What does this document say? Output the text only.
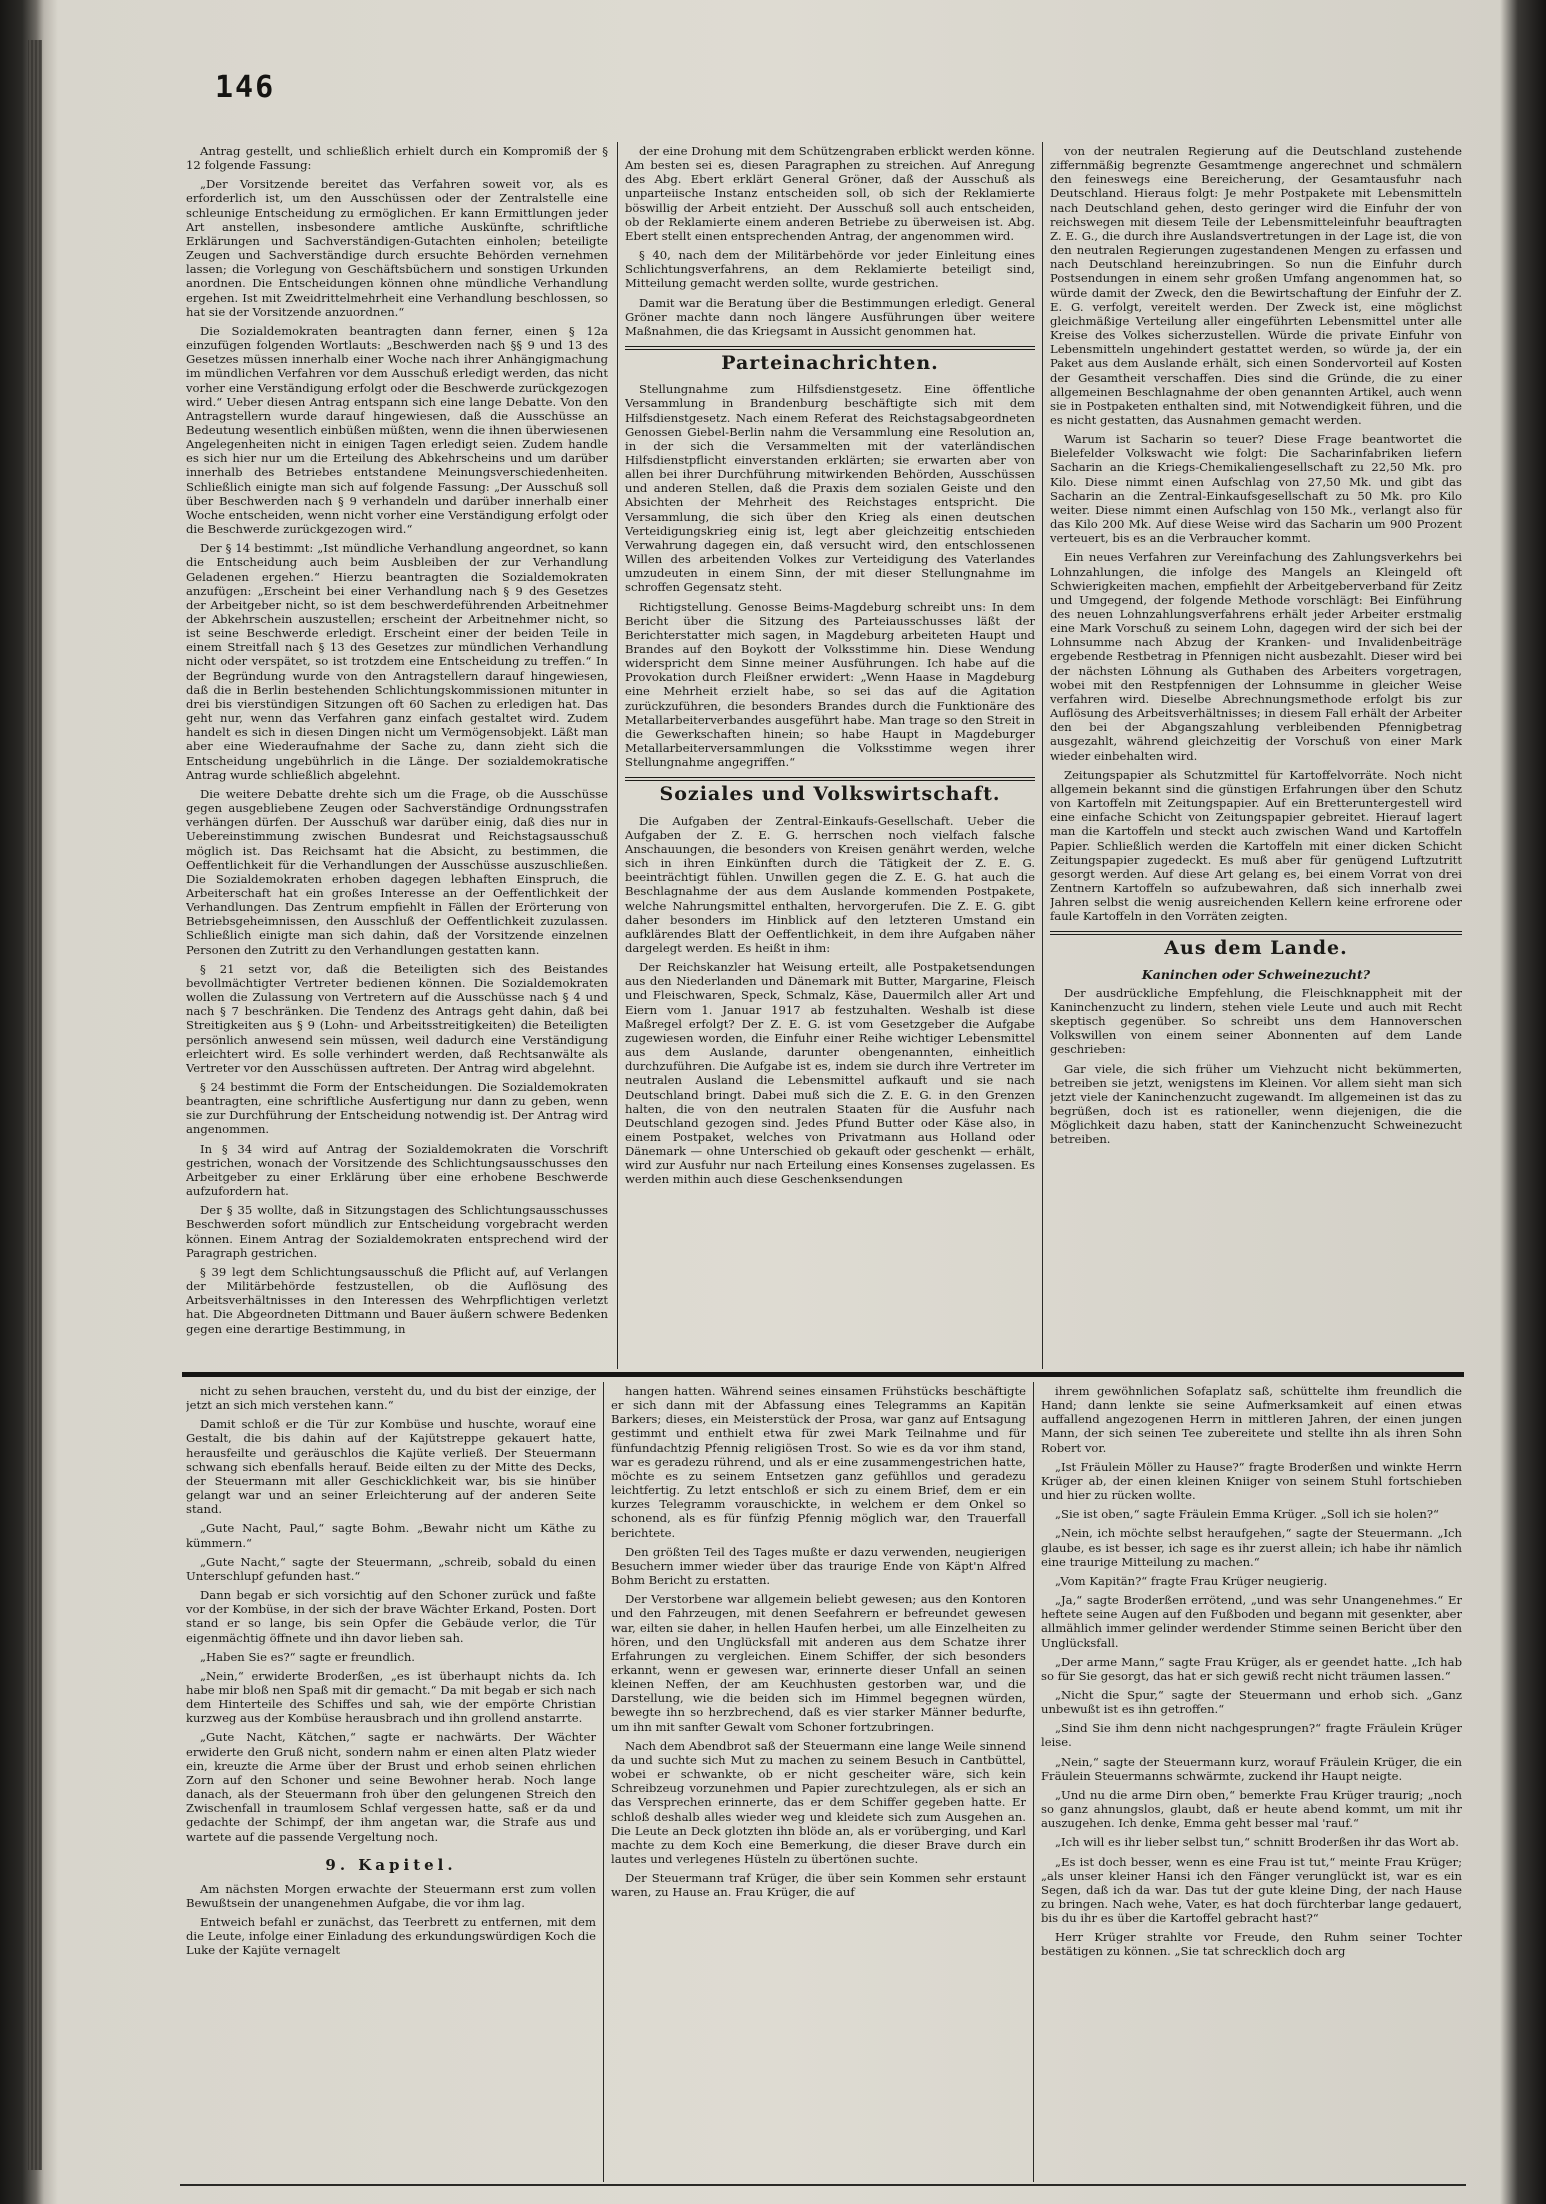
146

Antrag gestellt, und schließlich erhielt durch ein Kompromiß der § 12 folgende Fassung:

„Der Vorsitzende bereitet das Verfahren soweit vor, als es erforderlich ist, um den Ausschüssen oder der Zentralstelle eine schleunige Entscheidung zu ermöglichen. Er kann Ermittlungen jeder Art anstellen, insbesondere amtliche Auskünfte, schriftliche Erklärungen und Sachverständigen-Gutachten einholen; beteiligte Zeugen und Sachverständige durch ersuchte Behörden vernehmen lassen; die Vorlegung von Geschäftsbüchern und sonstigen Urkunden anordnen. Die Entscheidungen können ohne mündliche Verhandlung ergehen. Ist mit Zweidrittelmehrheit eine Verhandlung beschlossen, so hat sie der Vorsitzende anzuordnen.“

Die Sozialdemokraten beantragten dann ferner, einen § 12a einzufügen folgenden Wortlauts: „Beschwerden nach §§ 9 und 13 des Gesetzes müssen innerhalb einer Woche nach ihrer Anhängigmachung im mündlichen Verfahren vor dem Ausschuß erledigt werden, das nicht vorher eine Verständigung erfolgt oder die Beschwerde zurückgezogen wird.“ Ueber diesen Antrag entspann sich eine lange Debatte. Von den Antragstellern wurde darauf hingewiesen, daß die Ausschüsse an Bedeutung wesentlich einbüßen müßten, wenn die ihnen überwiesenen Angelegenheiten nicht in einigen Tagen erledigt seien. Zudem handle es sich hier nur um die Erteilung des Abkehrscheins und um darüber innerhalb des Betriebes entstandene Meinungsverschiedenheiten. Schließlich einigte man sich auf folgende Fassung: „Der Ausschuß soll über Beschwerden nach § 9 verhandeln und darüber innerhalb einer Woche entscheiden, wenn nicht vorher eine Verständigung erfolgt oder die Beschwerde zurückgezogen wird.“

Der § 14 bestimmt: „Ist mündliche Verhandlung angeordnet, so kann die Entscheidung auch beim Ausbleiben der zur Verhandlung Geladenen ergehen.“ Hierzu beantragten die Sozialdemokraten anzufügen: „Erscheint bei einer Verhandlung nach § 9 des Gesetzes der Arbeitgeber nicht, so ist dem beschwerdeführenden Arbeitnehmer der Abkehrschein auszustellen; erscheint der Arbeitnehmer nicht, so ist seine Beschwerde erledigt. Erscheint einer der beiden Teile in einem Streitfall nach § 13 des Gesetzes zur mündlichen Verhandlung nicht oder verspätet, so ist trotzdem eine Entscheidung zu treffen.“ In der Begründung wurde von den Antragstellern darauf hingewiesen, daß die in Berlin bestehenden Schlichtungskommissionen mitunter in drei bis vierstündigen Sitzungen oft 60 Sachen zu erledigen hat. Das geht nur, wenn das Verfahren ganz einfach gestaltet wird. Zudem handelt es sich in diesen Dingen nicht um Vermögensobjekt. Läßt man aber eine Wiederaufnahme der Sache zu, dann zieht sich die Entscheidung ungebührlich in die Länge. Der sozialdemokratische Antrag wurde schließlich abgelehnt.

Die weitere Debatte drehte sich um die Frage, ob die Ausschüsse gegen ausgebliebene Zeugen oder Sachverständige Ordnungsstrafen verhängen dürfen. Der Ausschuß war darüber einig, daß dies nur in Uebereinstimmung zwischen Bundesrat und Reichstagsausschuß möglich ist. Das Reichsamt hat die Absicht, zu bestimmen, die Oeffentlichkeit für die Verhandlungen der Ausschüsse auszuschließen. Die Sozialdemokraten erhoben dagegen lebhaften Einspruch, die Arbeiterschaft hat ein großes Interesse an der Oeffentlichkeit der Verhandlungen. Das Zentrum empfiehlt in Fällen der Erörterung von Betriebsgeheimnissen, den Ausschluß der Oeffentlichkeit zuzulassen. Schließlich einigte man sich dahin, daß der Vorsitzende einzelnen Personen den Zutritt zu den Verhandlungen gestatten kann.

§ 21 setzt vor, daß die Beteiligten sich des Beistandes bevollmächtigter Vertreter bedienen können. Die Sozialdemokraten wollen die Zulassung von Vertretern auf die Ausschüsse nach § 4 und nach § 7 beschränken. Die Tendenz des Antrags geht dahin, daß bei Streitigkeiten aus § 9 (Lohn- und Arbeitsstreitigkeiten) die Beteiligten persönlich anwesend sein müssen, weil dadurch eine Verständigung erleichtert wird. Es solle verhindert werden, daß Rechtsanwälte als Vertreter vor den Ausschüssen auftreten. Der Antrag wird abgelehnt.

§ 24 bestimmt die Form der Entscheidungen. Die Sozialdemokraten beantragten, eine schriftliche Ausfertigung nur dann zu geben, wenn sie zur Durchführung der Entscheidung notwendig ist. Der Antrag wird angenommen.

In § 34 wird auf Antrag der Sozialdemokraten die Vorschrift gestrichen, wonach der Vorsitzende des Schlichtungsausschusses den Arbeitgeber zu einer Erklärung über eine erhobene Beschwerde aufzufordern hat.

Der § 35 wollte, daß in Sitzungstagen des Schlichtungsausschusses Beschwerden sofort mündlich zur Entscheidung vorgebracht werden können. Einem Antrag der Sozialdemokraten entsprechend wird der Paragraph gestrichen.

§ 39 legt dem Schlichtungsausschuß die Pflicht auf, auf Verlangen der Militärbehörde festzustellen, ob die Auflösung des Arbeitsverhältnisses in den Interessen des Wehrpflichtigen verletzt hat. Die Abgeordneten Dittmann und Bauer äußern schwere Bedenken gegen eine derartige Bestimmung, in

der eine Drohung mit dem Schützengraben erblickt werden könne. Am besten sei es, diesen Paragraphen zu streichen. Auf Anregung des Abg. Ebert erklärt General Gröner, daß der Ausschuß als unparteiische Instanz entscheiden soll, ob sich der Reklamierte böswillig der Arbeit entzieht. Der Ausschuß soll auch entscheiden, ob der Reklamierte einem anderen Betriebe zu überweisen ist. Abg. Ebert stellt einen entsprechenden Antrag, der angenommen wird.

§ 40, nach dem der Militärbehörde vor jeder Einleitung eines Schlichtungsverfahrens, an dem Reklamierte beteiligt sind, Mitteilung gemacht werden sollte, wurde gestrichen.

Damit war die Beratung über die Bestimmungen erledigt. General Gröner machte dann noch längere Ausführungen über weitere Maßnahmen, die das Kriegsamt in Aussicht genommen hat.

Parteinachrichten.

Stellungnahme zum Hilfsdienstgesetz. Eine öffentliche Versammlung in Brandenburg beschäftigte sich mit dem Hilfsdienstgesetz. Nach einem Referat des Reichstagsabgeordneten Genossen Giebel-Berlin nahm die Versammlung eine Resolution an, in der sich die Versammelten mit der vaterländischen Hilfsdienstpflicht einverstanden erklärten; sie erwarten aber von allen bei ihrer Durchführung mitwirkenden Behörden, Ausschüssen und anderen Stellen, daß die Praxis dem sozialen Geiste und den Absichten der Mehrheit des Reichstages entspricht. Die Versammlung, die sich über den Krieg als einen deutschen Verteidigungskrieg einig ist, legt aber gleichzeitig entschieden Verwahrung dagegen ein, daß versucht wird, den entschlossenen Willen des arbeitenden Volkes zur Verteidigung des Vaterlandes umzudeuten in einem Sinn, der mit dieser Stellungnahme im schroffen Gegensatz steht.

Richtigstellung. Genosse Beims-Magdeburg schreibt uns: In dem Bericht über die Sitzung des Parteiausschusses läßt der Berichterstatter mich sagen, in Magdeburg arbeiteten Haupt und Brandes auf den Boykott der Volksstimme hin. Diese Wendung widerspricht dem Sinne meiner Ausführungen. Ich habe auf die Provokation durch Fleißner erwidert: „Wenn Haase in Magdeburg eine Mehrheit erzielt habe, so sei das auf die Agitation zurückzuführen, die besonders Brandes durch die Funktionäre des Metallarbeiterverbandes ausgeführt habe. Man trage so den Streit in die Gewerkschaften hinein; so habe Haupt in Magdeburger Metallarbeiterversammlungen die Volksstimme wegen ihrer Stellungnahme angegriffen.“

Soziales und Volkswirtschaft.

Die Aufgaben der Zentral-Einkaufs-Gesellschaft. Ueber die Aufgaben der Z. E. G. herrschen noch vielfach falsche Anschauungen, die besonders von Kreisen genährt werden, welche sich in ihren Einkünften durch die Tätigkeit der Z. E. G. beeinträchtigt fühlen. Unwillen gegen die Z. E. G. hat auch die Beschlagnahme der aus dem Auslande kommenden Postpakete, welche Nahrungsmittel enthalten, hervorgerufen. Die Z. E. G. gibt daher besonders im Hinblick auf den letzteren Umstand ein aufklärendes Blatt der Oeffentlichkeit, in dem ihre Aufgaben näher dargelegt werden. Es heißt in ihm:

Der Reichskanzler hat Weisung erteilt, alle Postpaketsendungen aus den Niederlanden und Dänemark mit Butter, Margarine, Fleisch und Fleischwaren, Speck, Schmalz, Käse, Dauermilch aller Art und Eiern vom 1. Januar 1917 ab festzuhalten. Weshalb ist diese Maßregel erfolgt? Der Z. E. G. ist vom Gesetzgeber die Aufgabe zugewiesen worden, die Einfuhr einer Reihe wichtiger Lebensmittel aus dem Auslande, darunter obengenannten, einheitlich durchzuführen. Die Aufgabe ist es, indem sie durch ihre Vertreter im neutralen Ausland die Lebensmittel aufkauft und sie nach Deutschland bringt. Dabei muß sich die Z. E. G. in den Grenzen halten, die von den neutralen Staaten für die Ausfuhr nach Deutschland gezogen sind. Jedes Pfund Butter oder Käse also, in einem Postpaket, welches von Privatmann aus Holland oder Dänemark — ohne Unterschied ob gekauft oder geschenkt — erhält, wird zur Ausfuhr nur nach Erteilung eines Konsenses zugelassen. Es werden mithin auch diese Geschenksendungen

von der neutralen Regierung auf die Deutschland zustehende ziffernmäßig begrenzte Gesamtmenge angerechnet und schmälern den feineswegs eine Bereicherung, der Gesamtausfuhr nach Deutschland. Hieraus folgt: Je mehr Postpakete mit Lebensmitteln nach Deutschland gehen, desto geringer wird die Einfuhr der von reichswegen mit diesem Teile der Lebensmitteleinfuhr beauftragten Z. E. G., die durch ihre Auslandsvertretungen in der Lage ist, die von den neutralen Regierungen zugestandenen Mengen zu erfassen und nach Deutschland hereinzubringen. So nun die Einfuhr durch Postsendungen in einem sehr großen Umfang angenommen hat, so würde damit der Zweck, den die Bewirtschaftung der Einfuhr der Z. E. G. verfolgt, vereitelt werden. Der Zweck ist, eine möglichst gleichmäßige Verteilung aller eingeführten Lebensmittel unter alle Kreise des Volkes sicherzustellen. Würde die private Einfuhr von Lebensmitteln ungehindert gestattet werden, so würde ja, der ein Paket aus dem Auslande erhält, sich einen Sondervorteil auf Kosten der Gesamtheit verschaffen. Dies sind die Gründe, die zu einer allgemeinen Beschlagnahme der oben genannten Artikel, auch wenn sie in Postpaketen enthalten sind, mit Notwendigkeit führen, und die es nicht gestatten, das Ausnahmen gemacht werden.

Warum ist Sacharin so teuer? Diese Frage beantwortet die Bielefelder Volkswacht wie folgt: Die Sacharinfabriken liefern Sacharin an die Kriegs-Chemikaliengesellschaft zu 22,50 Mk. pro Kilo. Diese nimmt einen Aufschlag von 27,50 Mk. und gibt das Sacharin an die Zentral-Einkaufsgesellschaft zu 50 Mk. pro Kilo weiter. Diese nimmt einen Aufschlag von 150 Mk., verlangt also für das Kilo 200 Mk. Auf diese Weise wird das Sacharin um 900 Prozent verteuert, bis es an die Verbraucher kommt.

Ein neues Verfahren zur Vereinfachung des Zahlungsverkehrs bei Lohnzahlungen, die infolge des Mangels an Kleingeld oft Schwierigkeiten machen, empfiehlt der Arbeitgeberverband für Zeitz und Umgegend, der folgende Methode vorschlägt: Bei Einführung des neuen Lohnzahlungsverfahrens erhält jeder Arbeiter erstmalig eine Mark Vorschuß zu seinem Lohn, dagegen wird der sich bei der Lohnsumme nach Abzug der Kranken- und Invalidenbeiträge ergebende Restbetrag in Pfennigen nicht ausbezahlt. Dieser wird bei der nächsten Löhnung als Guthaben des Arbeiters vorgetragen, wobei mit den Restpfennigen der Lohnsumme in gleicher Weise verfahren wird. Dieselbe Abrechnungsmethode erfolgt bis zur Auflösung des Arbeitsverhältnisses; in diesem Fall erhält der Arbeiter den bei der Abgangszahlung verbleibenden Pfennigbetrag ausgezahlt, während gleichzeitig der Vorschuß von einer Mark wieder einbehalten wird.

Zeitungspapier als Schutzmittel für Kartoffelvorräte. Noch nicht allgemein bekannt sind die günstigen Erfahrungen über den Schutz von Kartoffeln mit Zeitungspapier. Auf ein Bretteruntergestell wird eine einfache Schicht von Zeitungspapier gebreitet. Hierauf lagert man die Kartoffeln und steckt auch zwischen Wand und Kartoffeln Papier. Schließlich werden die Kartoffeln mit einer dicken Schicht Zeitungspapier zugedeckt. Es muß aber für genügend Luftzutritt gesorgt werden. Auf diese Art gelang es, bei einem Vorrat von drei Zentnern Kartoffeln so aufzubewahren, daß sich innerhalb zwei Jahren selbst die wenig ausreichenden Kellern keine erfrorene oder faule Kartoffeln in den Vorräten zeigten.

Aus dem Lande.
Kaninchen oder Schweinezucht?

Der ausdrückliche Empfehlung, die Fleischknappheit mit der Kaninchenzucht zu lindern, stehen viele Leute und auch mit Recht skeptisch gegenüber. So schreibt uns dem Hannoverschen Volkswillen von einem seiner Abonnenten auf dem Lande geschrieben:

Gar viele, die sich früher um Viehzucht nicht bekümmerten, betreiben sie jetzt, wenigstens im Kleinen. Vor allem sieht man sich jetzt viele der Kaninchenzucht zugewandt. Im allgemeinen ist das zu begrüßen, doch ist es rationeller, wenn diejenigen, die die Möglichkeit dazu haben, statt der Kaninchenzucht Schweinezucht betreiben.

nicht zu sehen brauchen, versteht du, und du bist der einzige, der jetzt an sich mich verstehen kann.“

Damit schloß er die Tür zur Kombüse und huschte, worauf eine Gestalt, die bis dahin auf der Kajütstreppe gekauert hatte, herausfeilte und geräuschlos die Kajüte verließ. Der Steuermann schwang sich ebenfalls herauf. Beide eilten zu der Mitte des Decks, der Steuermann mit aller Geschicklichkeit war, bis sie hinüber gelangt war und an seiner Erleichterung auf der anderen Seite stand.

„Gute Nacht, Paul,“ sagte Bohm. „Bewahr nicht um Käthe zu kümmern.“

„Gute Nacht,“ sagte der Steuermann, „schreib, sobald du einen Unterschlupf gefunden hast.“

Dann begab er sich vorsichtig auf den Schoner zurück und faßte vor der Kombüse, in der sich der brave Wächter Erkand, Posten. Dort stand er so lange, bis sein Opfer die Gebäude verlor, die Tür eigenmächtig öffnete und ihn davor lieben sah.

„Haben Sie es?“ sagte er freundlich.

„Nein,“ erwiderte Broderßen, „es ist überhaupt nichts da. Ich habe mir bloß nen Spaß mit dir gemacht.“ Da mit begab er sich nach dem Hinterteile des Schiffes und sah, wie der empörte Christian kurzweg aus der Kombüse herausbrach und ihn grollend anstarrte.

„Gute Nacht, Kätchen,“ sagte er nachwärts. Der Wächter erwiderte den Gruß nicht, sondern nahm er einen alten Platz wieder ein, kreuzte die Arme über der Brust und erhob seinen ehrlichen Zorn auf den Schoner und seine Bewohner herab. Noch lange danach, als der Steuermann froh über den gelungenen Streich den Zwischenfall in traumlosem Schlaf vergessen hatte, saß er da und gedachte der Schimpf, der ihm angetan war, die Strafe aus und wartete auf die passende Vergeltung noch.

9. Kapitel.

Am nächsten Morgen erwachte der Steuermann erst zum vollen Bewußtsein der unangenehmen Aufgabe, die vor ihm lag.

Entweich befahl er zunächst, das Teerbrett zu entfernen, mit dem die Leute, infolge einer Einladung des erkundungswürdigen Koch die Luke der Kajüte vernagelt

hangen hatten. Während seines einsamen Frühstücks beschäftigte er sich dann mit der Abfassung eines Telegramms an Kapitän Barkers; dieses, ein Meisterstück der Prosa, war ganz auf Entsagung gestimmt und enthielt etwa für zwei Mark Teilnahme und für fünfundachtzig Pfennig religiösen Trost. So wie es da vor ihm stand, war es geradezu rührend, und als er eine zusammengestrichen hatte, möchte es zu seinem Entsetzen ganz gefühllos und geradezu leichtfertig. Zu letzt entschloß er sich zu einem Brief, dem er ein kurzes Telegramm vorauschickte, in welchem er dem Onkel so schonend, als es für fünfzig Pfennig möglich war, den Trauerfall berichtete.

Den größten Teil des Tages mußte er dazu verwenden, neugierigen Besuchern immer wieder über das traurige Ende von Käpt'n Alfred Bohm Bericht zu erstatten.

Der Verstorbene war allgemein beliebt gewesen; aus den Kontoren und den Fahrzeugen, mit denen Seefahrern er befreundet gewesen war, eilten sie daher, in hellen Haufen herbei, um alle Einzelheiten zu hören, und den Unglücksfall mit anderen aus dem Schatze ihrer Erfahrungen zu vergleichen. Einem Schiffer, der sich besonders erkannt, wenn er gewesen war, erinnerte dieser Unfall an seinen kleinen Neffen, der am Keuchhusten gestorben war, und die Darstellung, wie die beiden sich im Himmel begegnen würden, bewegte ihn so herzbrechend, daß es vier starker Männer bedurfte, um ihn mit sanfter Gewalt vom Schoner fortzubringen.

Nach dem Abendbrot saß der Steuermann eine lange Weile sinnend da und suchte sich Mut zu machen zu seinem Besuch in Cantbüttel, wobei er schwankte, ob er nicht gescheiter wäre, sich kein Schreibzeug vorzunehmen und Papier zurechtzulegen, als er sich an das Versprechen erinnerte, das er dem Schiffer gegeben hatte. Er schloß deshalb alles wieder weg und kleidete sich zum Ausgehen an. Die Leute an Deck glotzten ihn blöde an, als er vorüberging, und Karl machte zu dem Koch eine Bemerkung, die dieser Brave durch ein lautes und verlegenes Hüsteln zu übertönen suchte.

Der Steuermann traf Krüger, die über sein Kommen sehr erstaunt waren, zu Hause an. Frau Krüger, die auf

ihrem gewöhnlichen Sofaplatz saß, schüttelte ihm freundlich die Hand; dann lenkte sie seine Aufmerksamkeit auf einen etwas auffallend angezogenen Herrn in mittleren Jahren, der einen jungen Mann, der sich seinen Tee zubereitete und stellte ihn als ihren Sohn Robert vor.

„Ist Fräulein Möller zu Hause?“ fragte Broderßen und winkte Herrn Krüger ab, der einen kleinen Kniiger von seinem Stuhl fortschieben und hier zu rücken wollte.

„Sie ist oben,“ sagte Fräulein Emma Krüger. „Soll ich sie holen?“

„Nein, ich möchte selbst heraufgehen,“ sagte der Steuermann. „Ich glaube, es ist besser, ich sage es ihr zuerst allein; ich habe ihr nämlich eine traurige Mitteilung zu machen.“

„Vom Kapitän?“ fragte Frau Krüger neugierig.

„Ja,“ sagte Broderßen errötend, „und was sehr Unangenehmes.“ Er heftete seine Augen auf den Fußboden und begann mit gesenkter, aber allmählich immer gelinder werdender Stimme seinen Bericht über den Unglücksfall.

„Der arme Mann,“ sagte Frau Krüger, als er geendet hatte. „Ich hab so für Sie gesorgt, das hat er sich gewiß recht nicht träumen lassen.“

„Nicht die Spur,“ sagte der Steuermann und erhob sich. „Ganz unbewußt ist es ihn getroffen.“

„Sind Sie ihm denn nicht nachgesprungen?“ fragte Fräulein Krüger leise.

„Nein,“ sagte der Steuermann kurz, worauf Fräulein Krüger, die ein Fräulein Steuermanns schwärmte, zuckend ihr Haupt neigte.

„Und nu die arme Dirn oben,“ bemerkte Frau Krüger traurig; „noch so ganz ahnungslos, glaubt, daß er heute abend kommt, um mit ihr auszugehen. Ich denke, Emma geht besser mal 'rauf.“

„Ich will es ihr lieber selbst tun,“ schnitt Broderßen ihr das Wort ab.

„Es ist doch besser, wenn es eine Frau ist tut,“ meinte Frau Krüger; „als unser kleiner Hansi ich den Fänger verunglückt ist, war es ein Segen, daß ich da war. Das tut der gute kleine Ding, der nach Hause zu bringen. Nach wehe, Vater, es hat doch fürchterbar lange gedauert, bis du ihr es über die Kartoffel gebracht hast?“

Herr Krüger strahlte vor Freude, den Ruhm seiner Tochter bestätigen zu können. „Sie tat schrecklich doch arg
